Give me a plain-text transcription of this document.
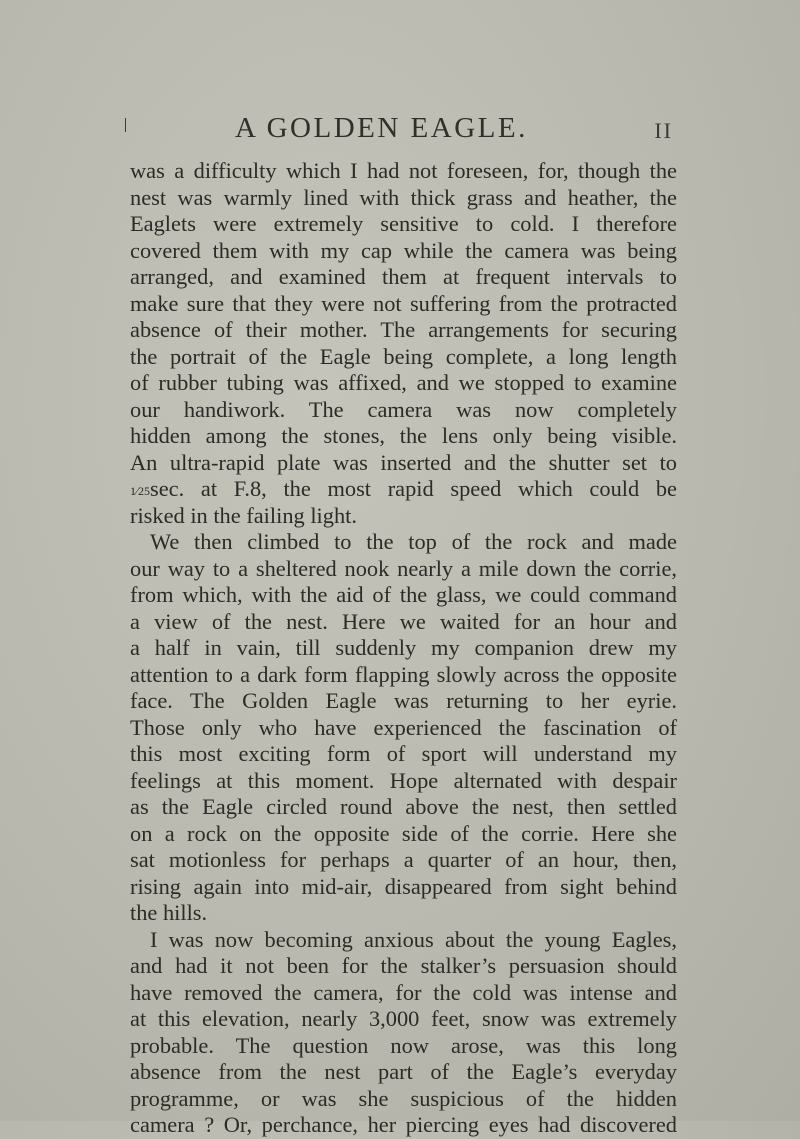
A GOLDEN EAGLE.	II
was a difficulty which I had not foreseen, for, though the
nest was warmly lined with thick grass and heather, the
Eaglets were extremely sensitive to cold. I therefore
covered them with my cap while the camera was being
arranged, and examined them at frequent intervals to
make sure that they were not suffering from the protracted
absence of their mother. The arrangements for securing
the portrait of the Eagle being complete, a long length
of rubber tubing was affixed, and we stopped to examine
our handiwork. The camera was now completely
hidden among the stones, the lens only being visible.
An ultra-rapid plate was inserted and the shutter set to
1⁄25sec. at F.8, the most rapid speed which could be
risked in the failing light.
We then climbed to the top of the rock and made
our way to a sheltered nook nearly a mile down the corrie,
from which, with the aid of the glass, we could command
a view of the nest. Here we waited for an hour and
a half in vain, till suddenly my companion drew my
attention to a dark form flapping slowly across the opposite
face. The Golden Eagle was returning to her eyrie.
Those only who have experienced the fascination of
this most exciting form of sport will understand my
feelings at this moment. Hope alternated with despair
as the Eagle circled round above the nest, then settled
on a rock on the opposite side of the corrie. Here she
sat motionless for perhaps a quarter of an hour, then,
rising again into mid-air, disappeared from sight behind
the hills.
I was now becoming anxious about the young Eagles,
and had it not been for the stalker’s persuasion should
have removed the camera, for the cold was intense and
at this elevation, nearly 3,000 feet, snow was extremely
probable. The question now arose, was this long
absence from the nest part of the Eagle’s everyday
programme, or was she suspicious of the hidden
camera ? Or, perchance, her piercing eyes had discovered
